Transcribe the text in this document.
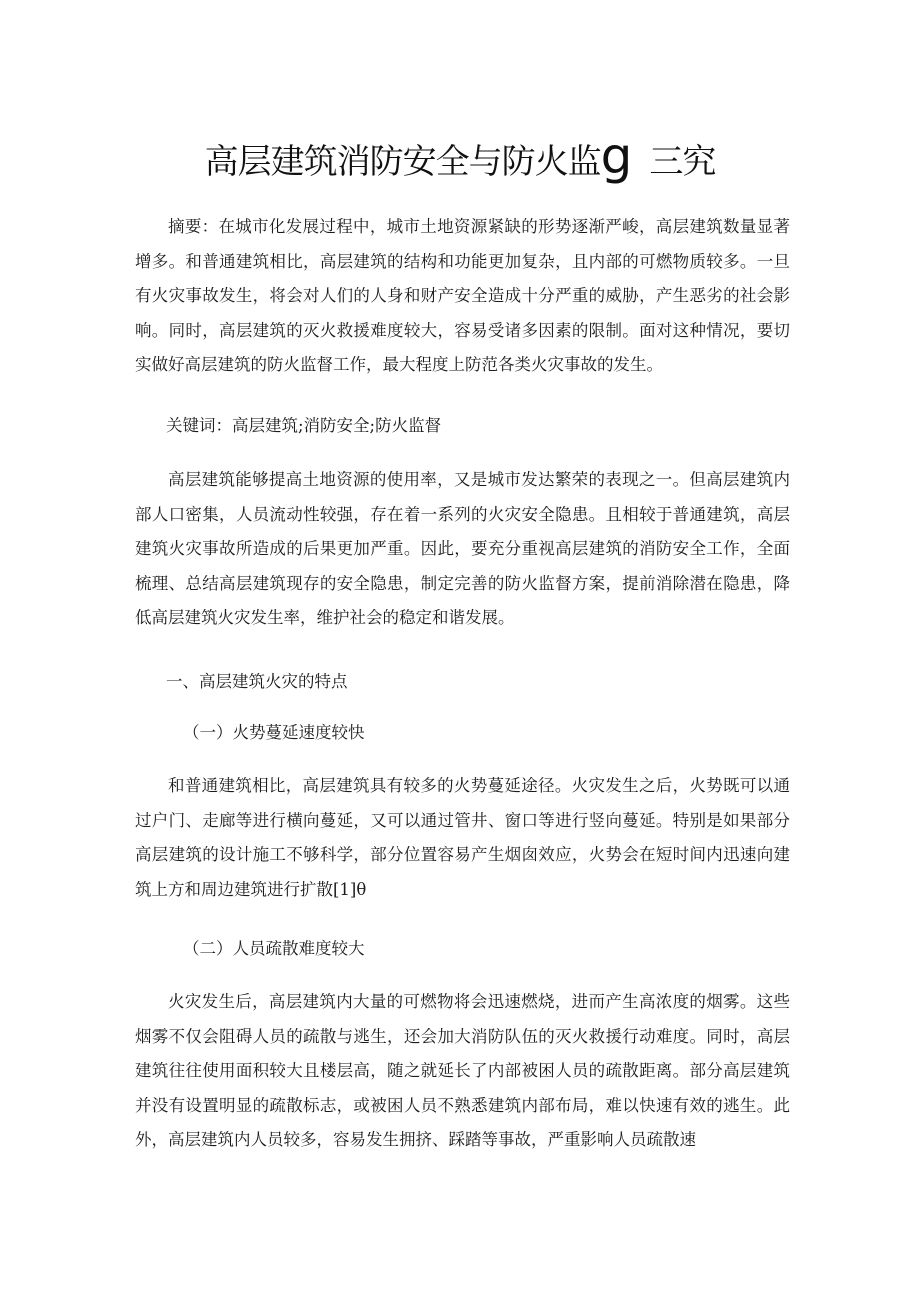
高层建筑消防安全与防火监g 三究

摘要：在城市化发展过程中，城市土地资源紧缺的形势逐渐严峻，高层建筑数量显著增多。和普通建筑相比，高层建筑的结构和功能更加复杂，且内部的可燃物质较多。一旦有火灾事故发生，将会对人们的人身和财产安全造成十分严重的威胁，产生恶劣的社会影响。同时，高层建筑的灭火救援难度较大，容易受诸多因素的限制。面对这种情况，要切实做好高层建筑的防火监督工作，最大程度上防范各类火灾事故的发生。

关键词：高层建筑;消防安全;防火监督

高层建筑能够提高土地资源的使用率，又是城市发达繁荣的表现之一。但高层建筑内部人口密集，人员流动性较强，存在着一系列的火灾安全隐患。且相较于普通建筑，高层建筑火灾事故所造成的后果更加严重。因此，要充分重视高层建筑的消防安全工作，全面梳理、总结高层建筑现存的安全隐患，制定完善的防火监督方案，提前消除潜在隐患，降低高层建筑火灾发生率，维护社会的稳定和谐发展。

一、高层建筑火灾的特点
（一）火势蔓延速度较快

和普通建筑相比，高层建筑具有较多的火势蔓延途径。火灾发生之后，火势既可以通过户门、走廊等进行横向蔓延，又可以通过管井、窗口等进行竖向蔓延。特别是如果部分高层建筑的设计施工不够科学，部分位置容易产生烟囱效应，火势会在短时间内迅速向建筑上方和周边建筑进行扩散[1]θ

（二）人员疏散难度较大

火灾发生后，高层建筑内大量的可燃物将会迅速燃烧，进而产生高浓度的烟雾。这些烟雾不仅会阻碍人员的疏散与逃生，还会加大消防队伍的灭火救援行动难度。同时，高层建筑往往使用面积较大且楼层高，随之就延长了内部被困人员的疏散距离。部分高层建筑并没有设置明显的疏散标志，或被困人员不熟悉建筑内部布局，难以快速有效的逃生。此外，高层建筑内人员较多，容易发生拥挤、踩踏等事故，严重影响人员疏散速
